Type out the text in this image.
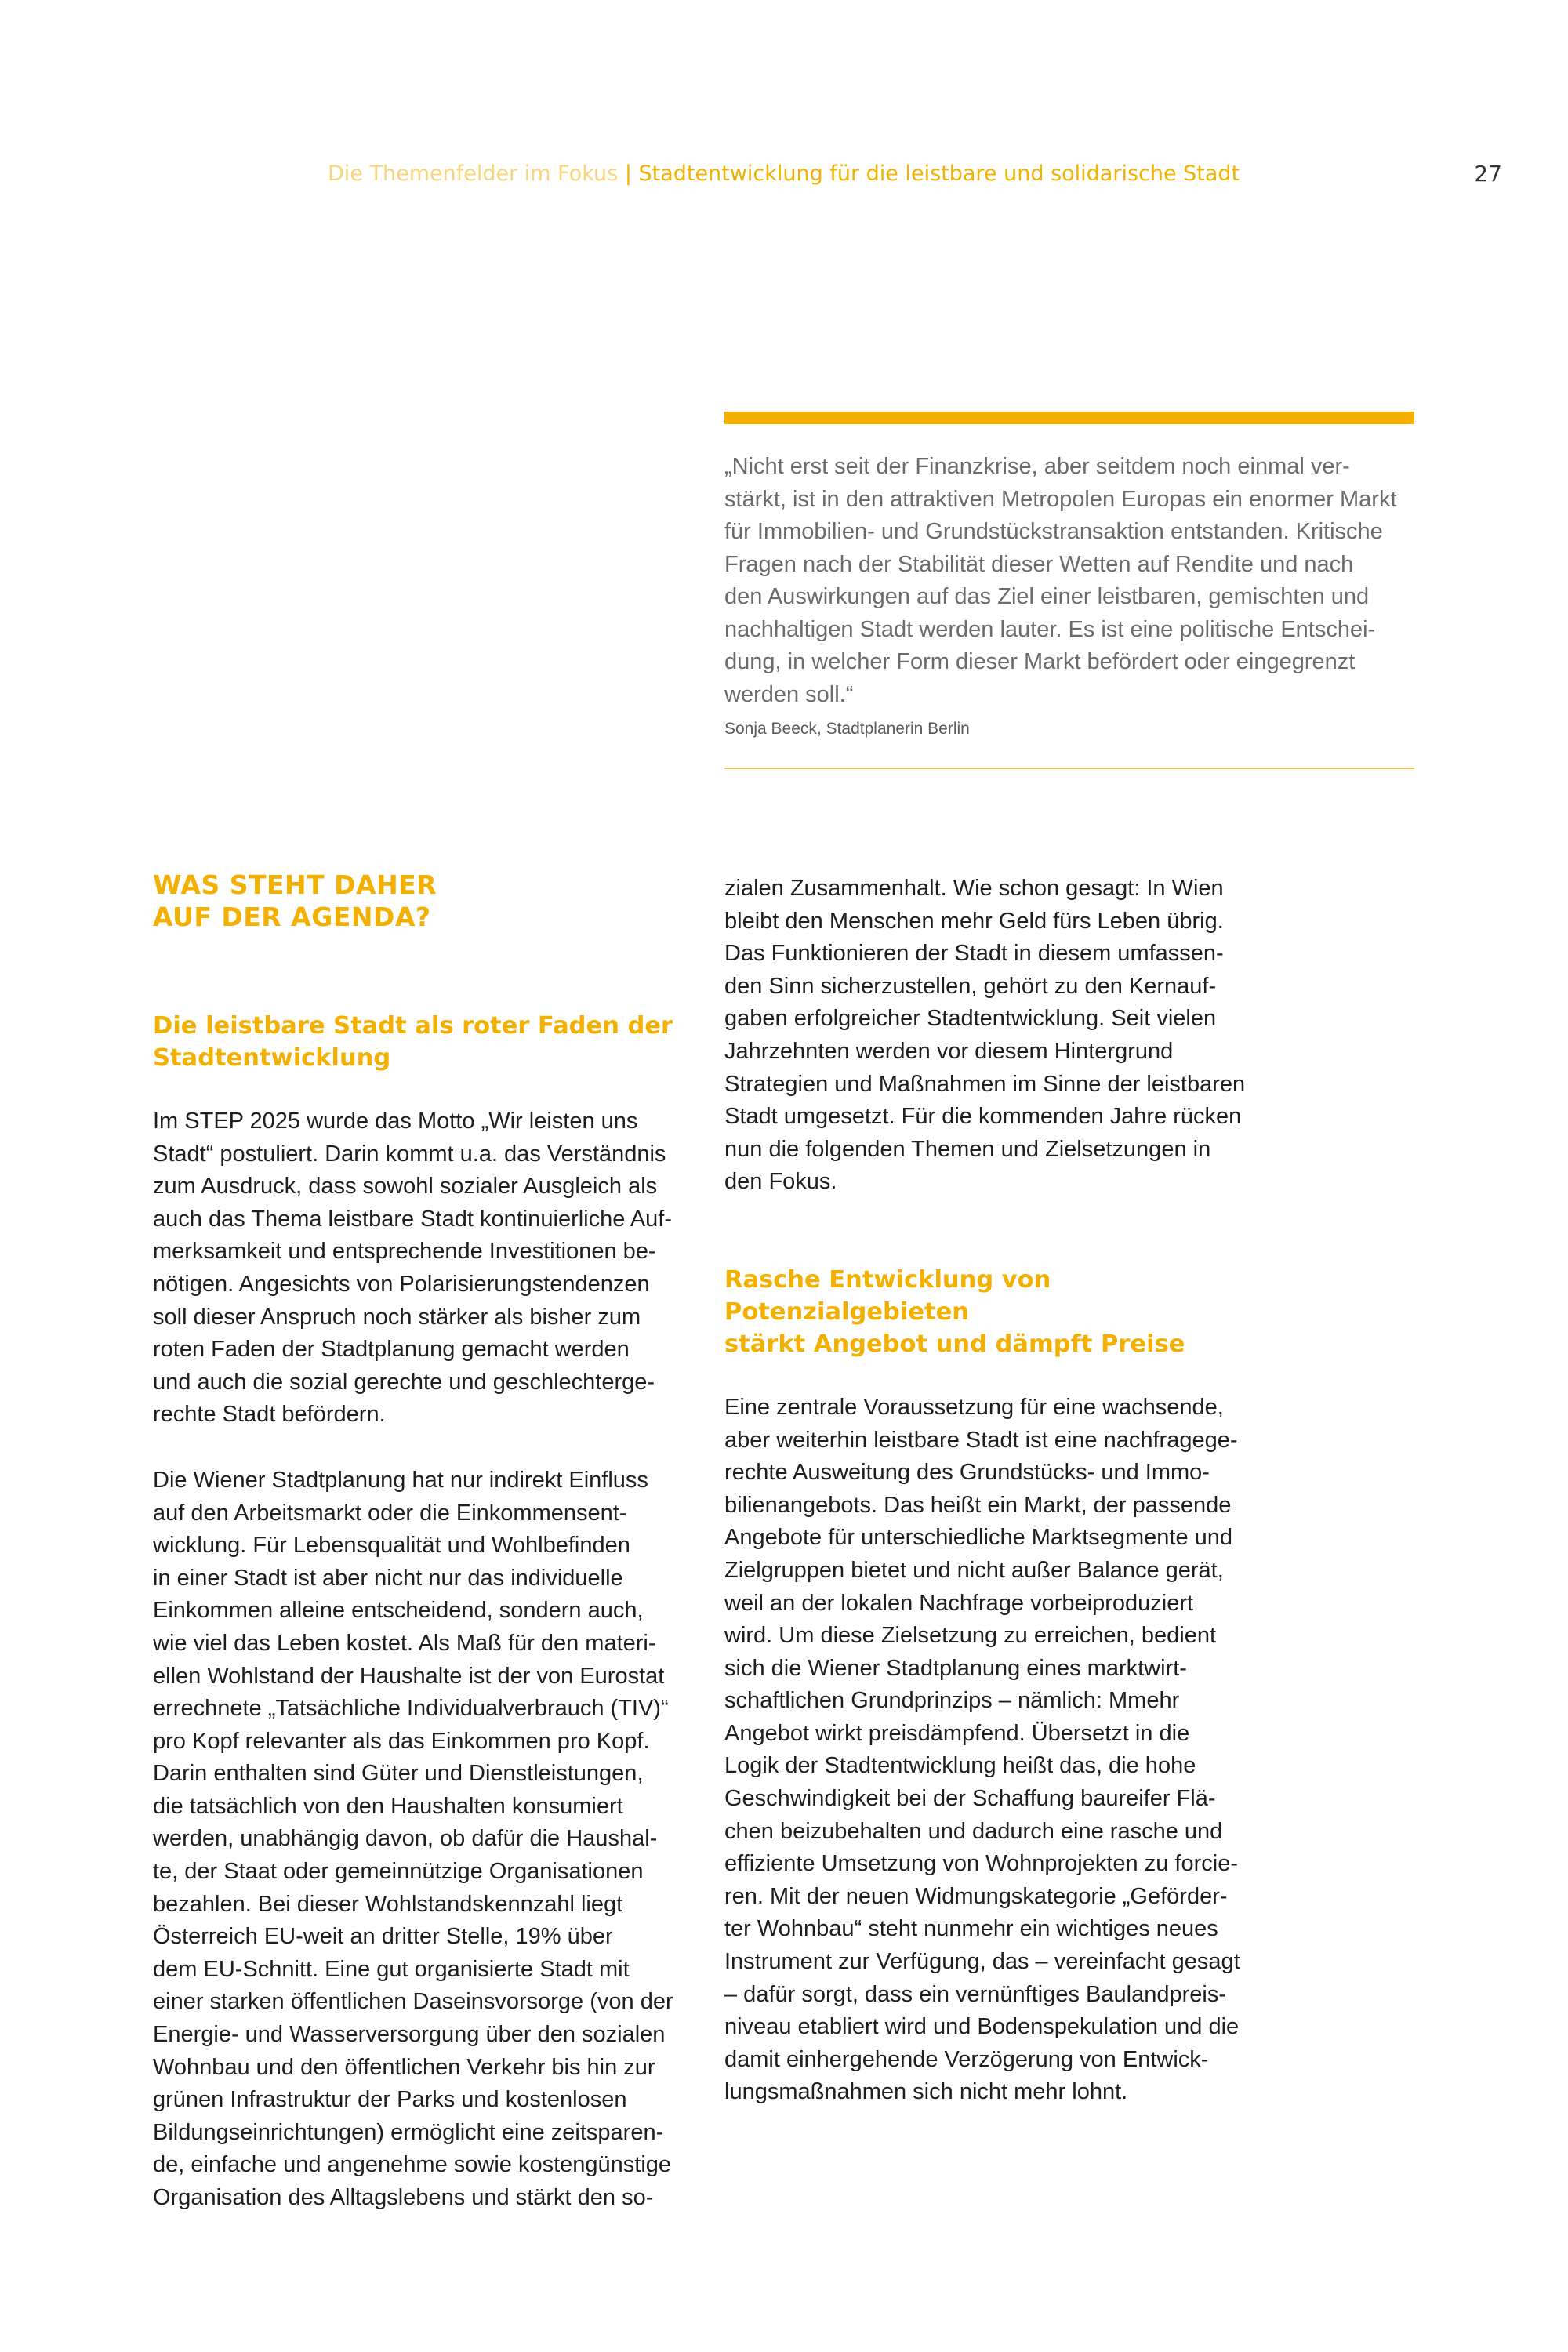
Die Themenfelder im Fokus | Stadtentwicklung für die leistbare und solidarische Stadt	27

„Nicht erst seit der Finanzkrise, aber seitdem noch einmal ver-
stärkt, ist in den attraktiven Metropolen Europas ein enormer Markt
für Immobilien- und Grundstückstransaktion entstanden. Kritische
Fragen nach der Stabilität dieser Wetten auf Rendite und nach
den Auswirkungen auf das Ziel einer leistbaren, gemischten und
nachhaltigen Stadt werden lauter. Es ist eine politische Entschei-
dung, in welcher Form dieser Markt befördert oder eingegrenzt
werden soll.“

Sonja Beeck, Stadtplanerin Berlin
WAS STEHT DAHER
AUF DER AGENDA?
Die leistbare Stadt als roter Faden der
Stadtentwicklung

Im STEP 2025 wurde das Motto „Wir leisten uns
Stadt“ postuliert. Darin kommt u.a. das Verständnis
zum Ausdruck, dass sowohl sozialer Ausgleich als
auch das Thema leistbare Stadt kontinuierliche Auf-
merksamkeit und entsprechende Investitionen be-
nötigen. Angesichts von Polarisierungstendenzen
soll dieser Anspruch noch stärker als bisher zum
roten Faden der Stadtplanung gemacht werden
und auch die sozial gerechte und geschlechterge-
rechte Stadt befördern.

Die Wiener Stadtplanung hat nur indirekt Einfluss
auf den Arbeitsmarkt oder die Einkommensent-
wicklung. Für Lebensqualität und Wohlbefinden
in einer Stadt ist aber nicht nur das individuelle
Einkommen alleine entscheidend, sondern auch,
wie viel das Leben kostet. Als Maß für den materi-
ellen Wohlstand der Haushalte ist der von Eurostat
errechnete „Tatsächliche Individualverbrauch (TIV)“
pro Kopf relevanter als das Einkommen pro Kopf.
Darin enthalten sind Güter und Dienstleistungen,
die tatsächlich von den Haushalten konsumiert
werden, unabhängig davon, ob dafür die Haushal-
te, der Staat oder gemeinnützige Organisationen
bezahlen. Bei dieser Wohlstandskennzahl liegt
Österreich EU-weit an dritter Stelle, 19% über
dem EU-Schnitt. Eine gut organisierte Stadt mit
einer starken öffentlichen Daseinsvorsorge (von der
Energie- und Wasserversorgung über den sozialen
Wohnbau und den öffentlichen Verkehr bis hin zur
grünen Infrastruktur der Parks und kostenlosen
Bildungseinrichtungen) ermöglicht eine zeitsparen-
de, einfache und angenehme sowie kostengünstige
Organisation des Alltagslebens und stärkt den so-

zialen Zusammenhalt. Wie schon gesagt: In Wien
bleibt den Menschen mehr Geld fürs Leben übrig.
Das Funktionieren der Stadt in diesem umfassen-
den Sinn sicherzustellen, gehört zu den Kernauf-
gaben erfolgreicher Stadtentwicklung. Seit vielen
Jahrzehnten werden vor diesem Hintergrund
Strategien und Maßnahmen im Sinne der leistbaren
Stadt umgesetzt. Für die kommenden Jahre rücken
nun die folgenden Themen und Zielsetzungen in
den Fokus.

Rasche Entwicklung von Potenzialgebieten
stärkt Angebot und dämpft Preise

Eine zentrale Voraussetzung für eine wachsende,
aber weiterhin leistbare Stadt ist eine nachfragege-
rechte Ausweitung des Grundstücks- und Immo-
bilienangebots. Das heißt ein Markt, der passende
Angebote für unterschiedliche Marktsegmente und
Zielgruppen bietet und nicht außer Balance gerät,
weil an der lokalen Nachfrage vorbeiproduziert
wird. Um diese Zielsetzung zu erreichen, bedient
sich die Wiener Stadtplanung eines marktwirt-
schaftlichen Grundprinzips – nämlich: Mmehr
Angebot wirkt preisdämpfend. Übersetzt in die
Logik der Stadtentwicklung heißt das, die hohe
Geschwindigkeit bei der Schaffung baureifer Flä-
chen beizubehalten und dadurch eine rasche und
effiziente Umsetzung von Wohnprojekten zu forcie-
ren. Mit der neuen Widmungskategorie „Geförder-
ter Wohnbau“ steht nunmehr ein wichtiges neues
Instrument zur Verfügung, das – vereinfacht gesagt
– dafür sorgt, dass ein vernünftiges Baulandpreis-
niveau etabliert wird und Bodenspekulation und die
damit einhergehende Verzögerung von Entwick-
lungsmaßnahmen sich nicht mehr lohnt.
